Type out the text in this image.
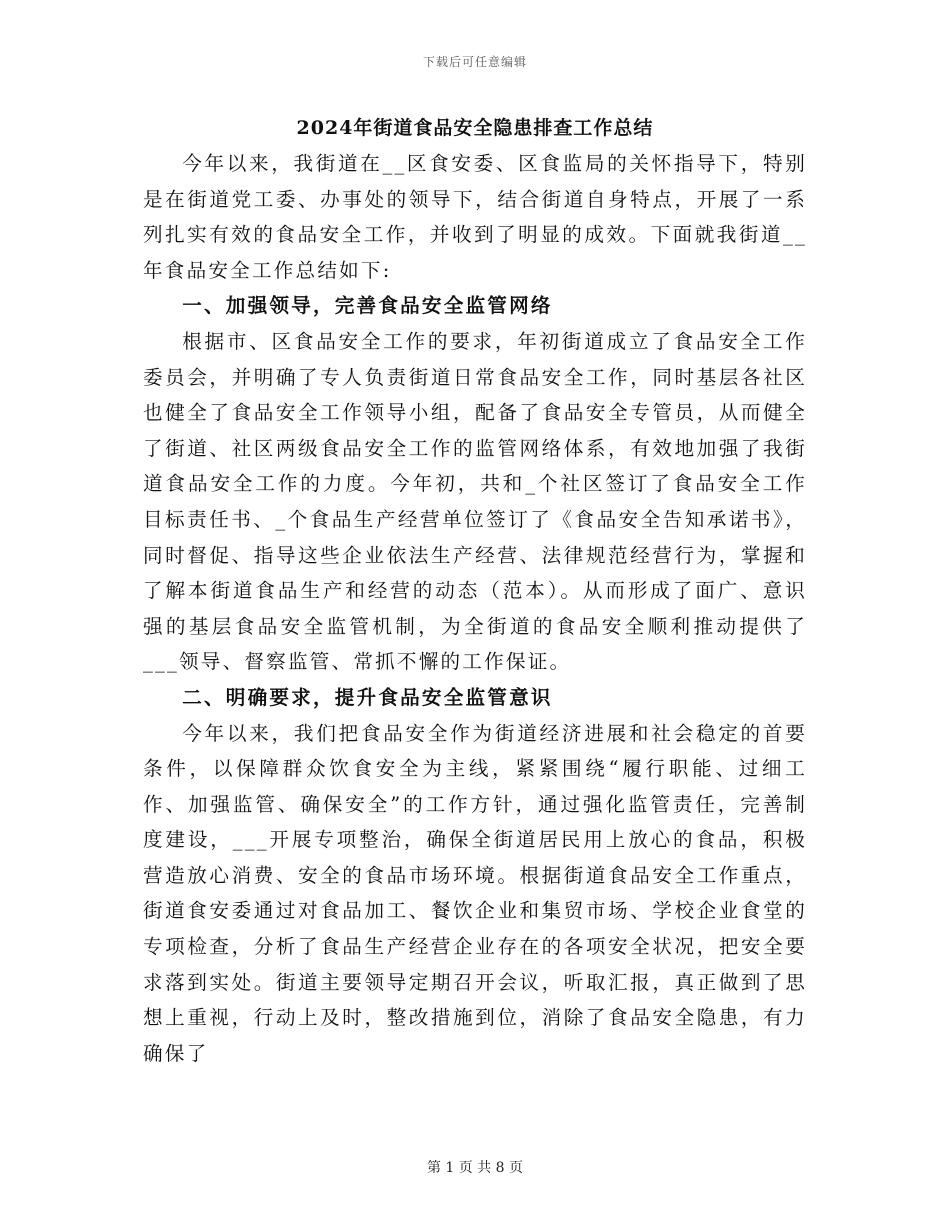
下载后可任意编辑
2024年街道食品安全隐患排查工作总结

今年以来，我街道在__区食安委、区食监局的关怀指导下，特别是在街道党工委、办事处的领导下，结合街道自身特点，开展了一系列扎实有效的食品安全工作，并收到了明显的成效。下面就我街道__年食品安全工作总结如下:

一、加强领导，完善食品安全监管网络

根据市、区食品安全工作的要求，年初街道成立了食品安全工作委员会，并明确了专人负责街道日常食品安全工作，同时基层各社区也健全了食品安全工作领导小组，配备了食品安全专管员，从而健全了街道、社区两级食品安全工作的监管网络体系，有效地加强了我街道食品安全工作的力度。今年初，共和_个社区签订了食品安全工作目标责任书、_个食品生产经营单位签订了《食品安全告知承诺书》，同时督促、指导这些企业依法生产经营、法律规范经营行为，掌握和了解本街道食品生产和经营的动态（范本）。从而形成了面广、意识强的基层食品安全监管机制，为全街道的食品安全顺利推动提供了___领导、督察监管、常抓不懈的工作保证。

二、明确要求，提升食品安全监管意识

今年以来，我们把食品安全作为街道经济进展和社会稳定的首要条件，以保障群众饮食安全为主线，紧紧围绕“履行职能、过细工作、加强监管、确保安全”的工作方针，通过强化监管责任，完善制度建设，___开展专项整治，确保全街道居民用上放心的食品，积极营造放心消费、安全的食品市场环境。根据街道食品安全工作重点，街道食安委通过对食品加工、餐饮企业和集贸市场、学校企业食堂的专项检查，分析了食品生产经营企业存在的各项安全状况，把安全要求落到实处。街道主要领导定期召开会议，听取汇报，真正做到了思想上重视，行动上及时，整改措施到位，消除了食品安全隐患，有力确保了

第 1 页 共 8 页
